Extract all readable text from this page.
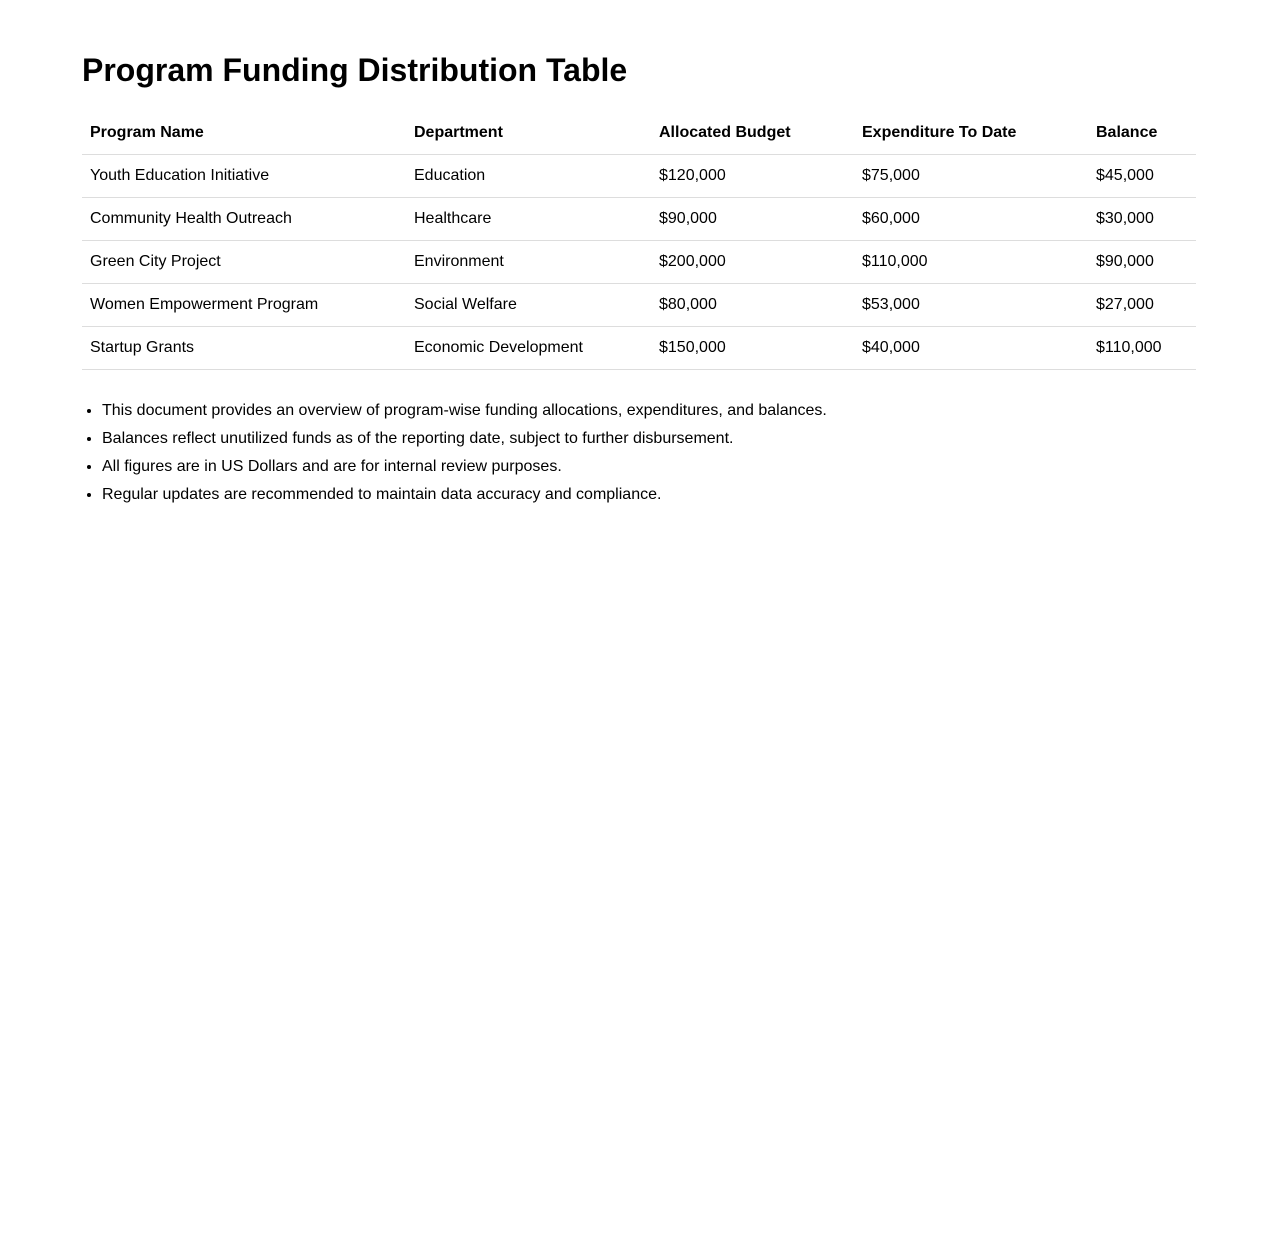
Program Funding Distribution Table
Program Name	Department	Allocated Budget	Expenditure To Date	Balance
Youth Education Initiative	Education	$120,000	$75,000	$45,000
Community Health Outreach	Healthcare	$90,000	$60,000	$30,000
Green City Project	Environment	$200,000	$110,000	$90,000
Women Empowerment Program	Social Welfare	$80,000	$53,000	$27,000
Startup Grants	Economic Development	$150,000	$40,000	$110,000
• This document provides an overview of program-wise funding allocations, expenditures, and balances.
• Balances reflect unutilized funds as of the reporting date, subject to further disbursement.
• All figures are in US Dollars and are for internal review purposes.
• Regular updates are recommended to maintain data accuracy and compliance.
